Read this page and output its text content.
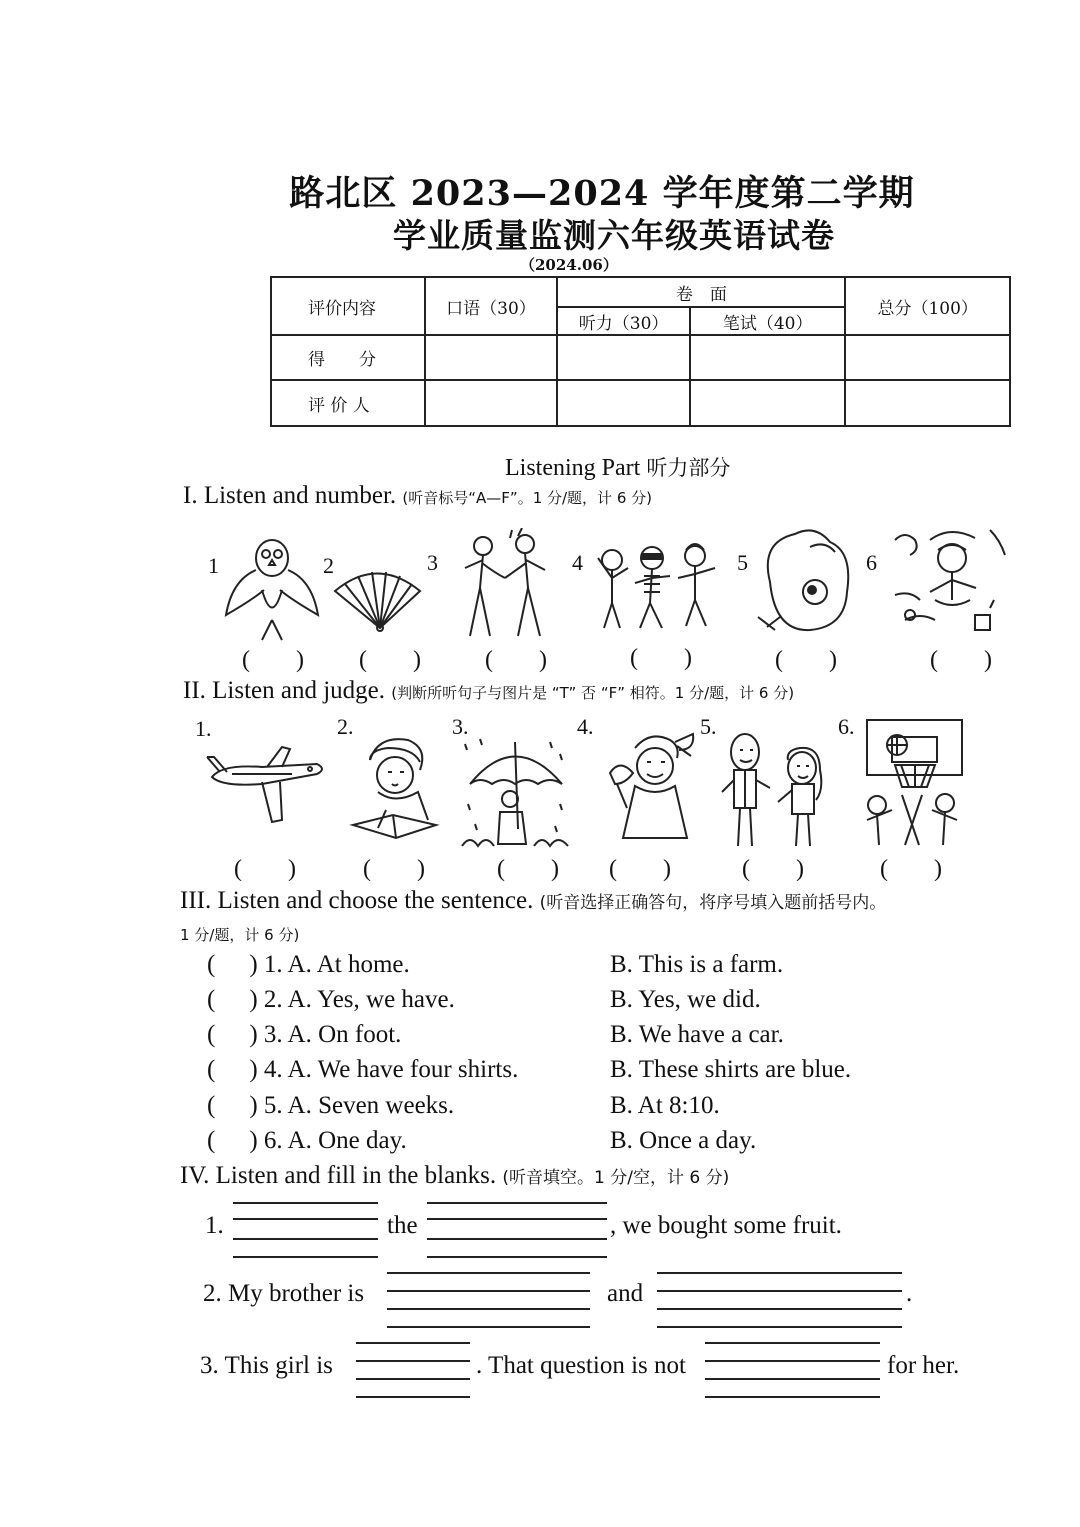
路北区 2023—2024 学年度第二学期
学业质量监测六年级英语试卷
（2024.06）
评价内容	口语（30）	卷　面		总分（100）
		听力（30）	笔试（40）	
得　　分				
评 价 人				
Listening Part 听力部分
I. Listen and number. (听音标号“A—F”。1 分/题，计 6 分)
1	2	3	4	5	6
( ) ( ) ( )	( )	( )	( )
II. Listen and judge. (判断所听句子与图片是 “T” 否 “F” 相符。1 分/题，计 6 分)
1.	2.	3.	4.	5.	6.
( ) ( ) ( ) ( ) ( ) ( )
III. Listen and choose the sentence. (听音选择正确答句，将序号填入题前括号内。
1 分/题，计 6 分)
( ) 1. A. At home.	B. This is a farm.
( ) 2. A. Yes, we have.	B. Yes, we did.
( ) 3. A. On foot.	B. We have a car.
( ) 4. A. We have four shirts.	B. These shirts are blue.
( ) 5. A. Seven weeks.	B. At 8:10.
( ) 6. A. One day.	B. Once a day.
IV. Listen and fill in the blanks. (听音填空。1 分/空，计 6 分)
1.	the	, we bought some fruit.
2. My brother is	and	.
3. This girl is	. That question is not	for her.
